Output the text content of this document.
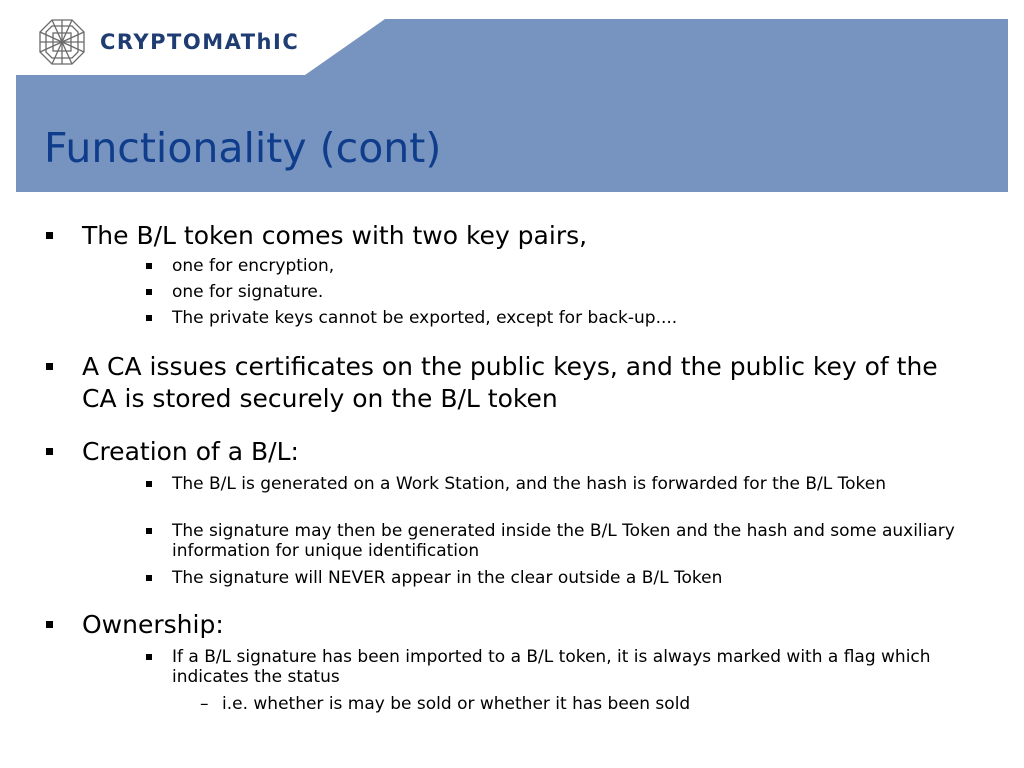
CRYPTOMAThIC
Functionality (cont)
The B/L token comes with two key pairs,
one for encryption,
one for signature.
The private keys cannot be exported, except for back-up....
A CA issues certificates on the public keys, and the public key of the CA is stored securely on the B/L token
Creation of a B/L:
The B/L is generated on a Work Station, and the hash is forwarded for the B/L Token
The signature may then be generated inside the B/L Token and the hash and some auxiliary information for unique identification
The signature will NEVER appear in the clear outside a B/L Token
Ownership:
If a B/L signature has been imported to a B/L token, it is always marked with a flag which indicates the status
– i.e. whether is may be sold or whether it has been sold
